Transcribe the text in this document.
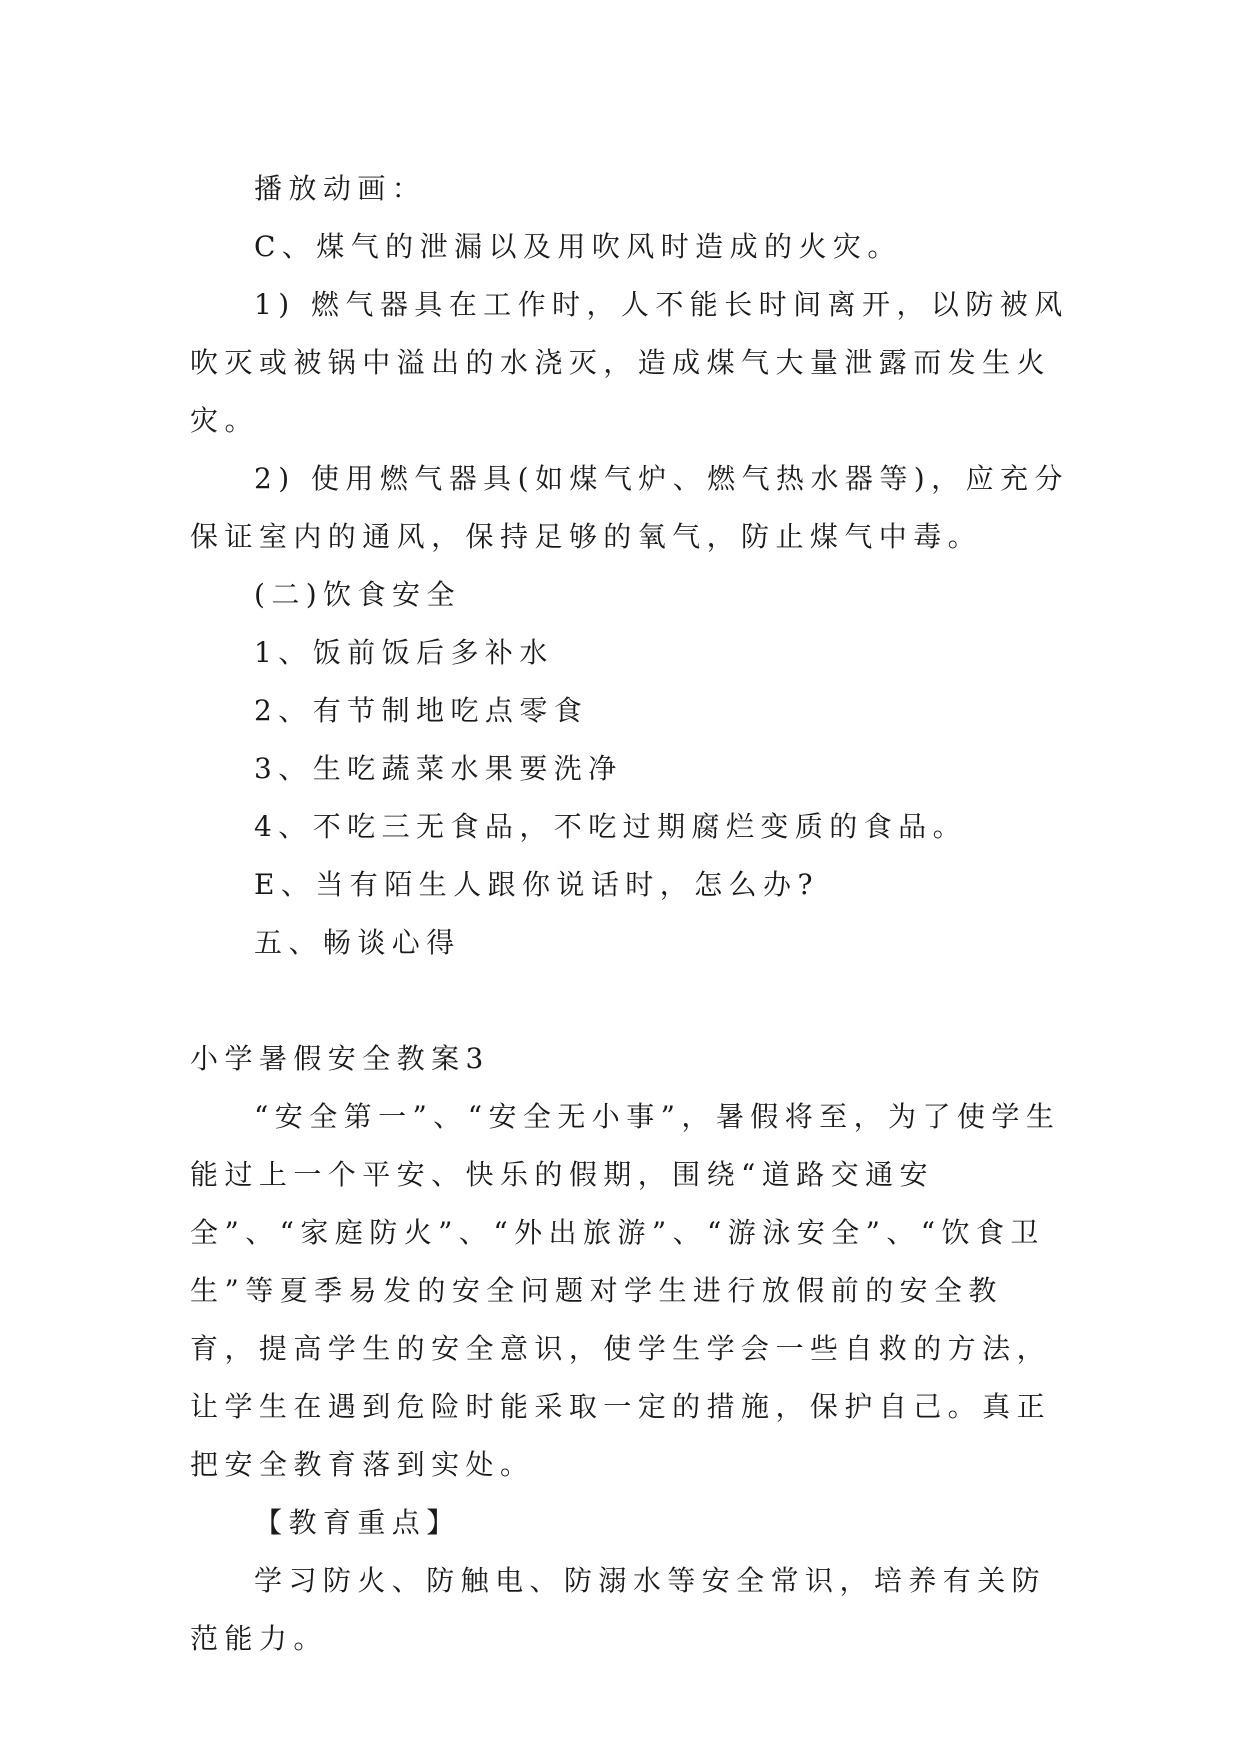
播放动画：

C、煤气的泄漏以及用吹风时造成的火灾。

1) 燃气器具在工作时，人不能长时间离开，以防被风吹灭或被锅中溢出的水浇灭，造成煤气大量泄露而发生火灾。

2) 使用燃气器具(如煤气炉、燃气热水器等)，应充分保证室内的通风，保持足够的氧气，防止煤气中毒。

(二)饮食安全

1、饭前饭后多补水

2、有节制地吃点零食

3、生吃蔬菜水果要洗净

4、不吃三无食品，不吃过期腐烂变质的食品。

E、当有陌生人跟你说话时，怎么办?

五、畅谈心得

小学暑假安全教案3

“安全第一”、“安全无小事”，暑假将至，为了使学生能过上一个平安、快乐的假期，围绕“道路交通安全”、“家庭防火”、“外出旅游”、“游泳安全”、“饮食卫生”等夏季易发的安全问题对学生进行放假前的安全教育，提高学生的安全意识，使学生学会一些自救的方法，让学生在遇到危险时能采取一定的措施，保护自己。真正把安全教育落到实处。

【教育重点】

学习防火、防触电、防溺水等安全常识，培养有关防范能力。
